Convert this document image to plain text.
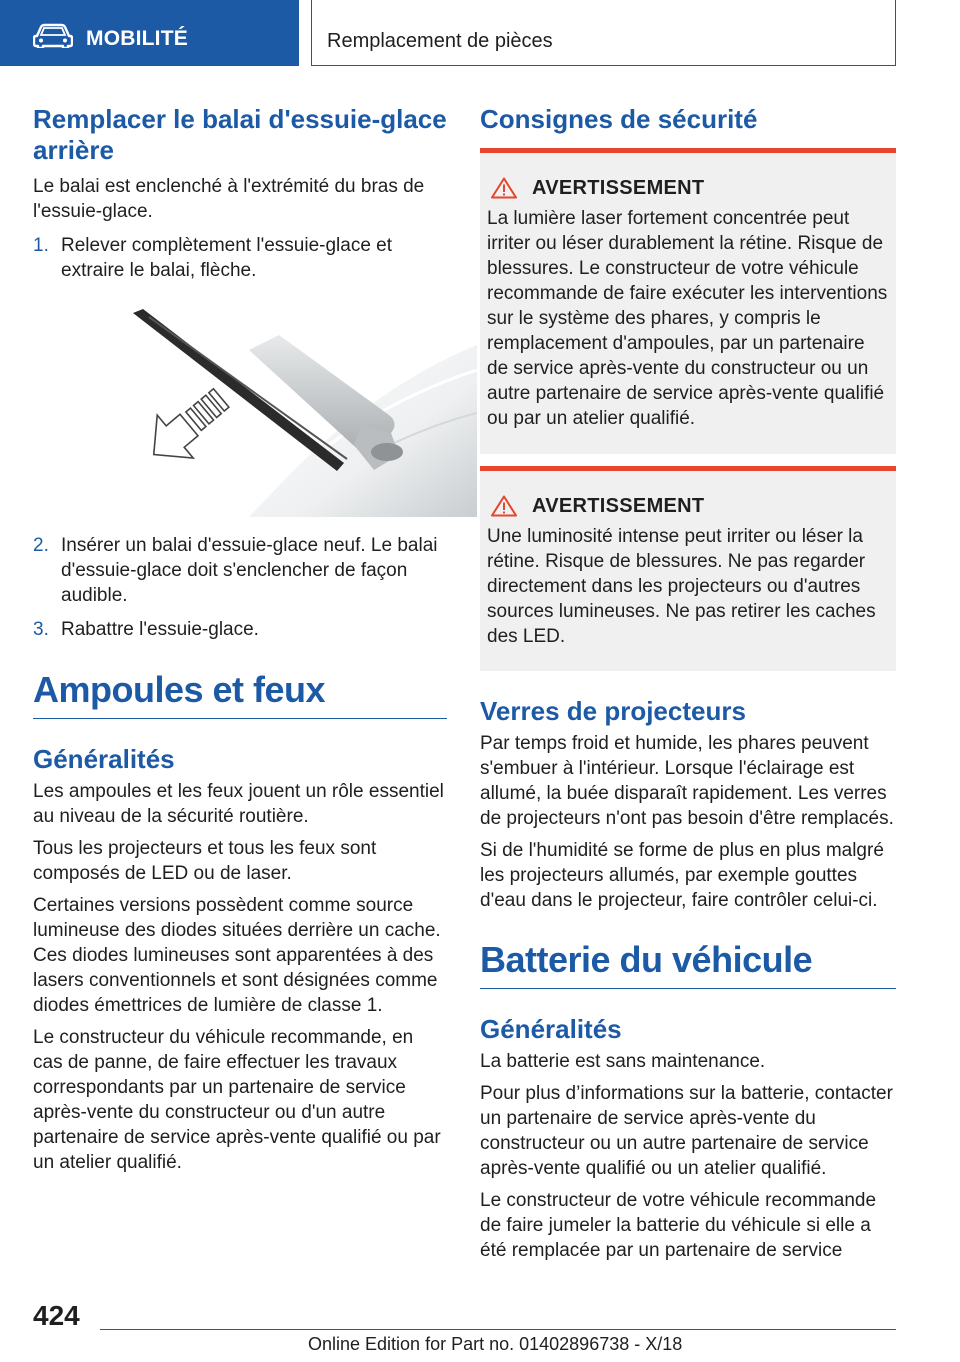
MOBILITÉ	Remplacement de pièces
Remplacer le balai d'essuie-glace arrière

Le balai est enclenché à l'extrémité du bras de l'essuie-glace.

1. Relever complètement l'essuie-glace et extraire le balai, flèche.
2. Insérer un balai d'essuie-glace neuf. Le balai d'essuie-glace doit s'enclencher de façon audible.
3. Rabattre l'essuie-glace.
Ampoules et feux
Généralités

Les ampoules et les feux jouent un rôle essentiel au niveau de la sécurité routière.

Tous les projecteurs et tous les feux sont composés de LED ou de laser.

Certaines versions possèdent comme source lumineuse des diodes situées derrière un cache. Ces diodes lumineuses sont apparentées à des lasers conventionnels et sont désignées comme diodes émettrices de lumière de classe 1.

Le constructeur du véhicule recommande, en cas de panne, de faire effectuer les travaux correspondants par un partenaire de service après-vente du constructeur ou d'un autre partenaire de service après-vente qualifié ou par un atelier qualifié.

Consignes de sécurité
AVERTISSEMENT

La lumière laser fortement concentrée peut irriter ou léser durablement la rétine. Risque de blessures. Le constructeur de votre véhicule recommande de faire exécuter les interventions sur le système des phares, y compris le remplacement d'ampoules, par un partenaire de service après-vente du constructeur ou un autre partenaire de service après-vente qualifié ou par un atelier qualifié.

AVERTISSEMENT

Une luminosité intense peut irriter ou léser la rétine. Risque de blessures. Ne pas regarder directement dans les projecteurs ou d'autres sources lumineuses. Ne pas retirer les caches des LED.

Verres de projecteurs

Par temps froid et humide, les phares peuvent s'embuer à l'intérieur. Lorsque l'éclairage est allumé, la buée disparaît rapidement. Les verres de projecteurs n'ont pas besoin d'être remplacés.

Si de l'humidité se forme de plus en plus malgré les projecteurs allumés, par exemple gouttes d'eau dans le projecteur, faire contrôler celui-ci.

Batterie du véhicule
Généralités

La batterie est sans maintenance.

Pour plus d’informations sur la batterie, contacter un partenaire de service après-vente du constructeur ou un autre partenaire de service après-vente qualifié ou un atelier qualifié.

Le constructeur de votre véhicule recommande de faire jumeler la batterie du véhicule si elle a été remplacée par un partenaire de service

424
Online Edition for Part no. 01402896738 - X/18
